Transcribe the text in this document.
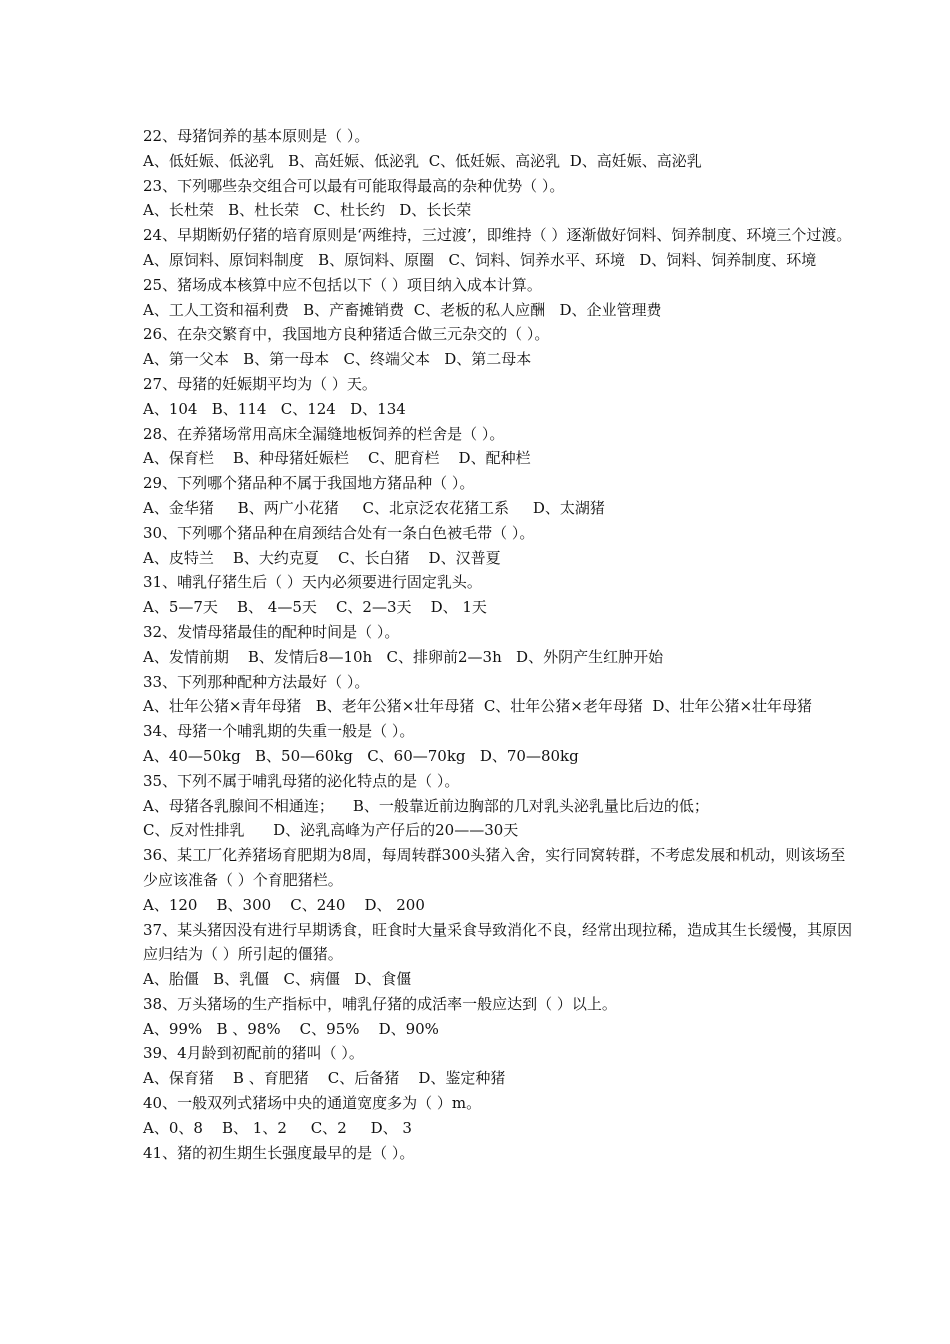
22、母猪饲养的基本原则是（ ）。
A、低妊娠、低泌乳   B、高妊娠、低泌乳  C、低妊娠、高泌乳  D、高妊娠、高泌乳
23、下列哪些杂交组合可以最有可能取得最高的杂种优势（ ）。
A、长杜荣   B、杜长荣   C、杜长约   D、长长荣
24、早期断奶仔猪的培育原则是‘两维持，三过渡’，即维持（ ）逐渐做好饲料、饲养制度、环境三个过渡。
A、原饲料、原饲料制度   B、原饲料、原圈   C、饲料、饲养水平、环境   D、饲料、饲养制度、环境
25、猪场成本核算中应不包括以下（ ）项目纳入成本计算。
A、工人工资和福利费   B、产畜摊销费  C、老板的私人应酬   D、企业管理费
26、在杂交繁育中，我国地方良种猪适合做三元杂交的（ ）。
A、第一父本   B、第一母本   C、终端父本   D、第二母本
27、母猪的妊娠期平均为（ ）天。
A、104   B、114   C、124   D、134
28、在养猪场常用高床全漏缝地板饲养的栏舍是（ ）。
A、保育栏    B、种母猪妊娠栏    C、肥育栏    D、配种栏
29、下列哪个猪品种不属于我国地方猪品种（ ）。
A、金华猪     B、两广小花猪     C、北京泛农花猪工系     D、太湖猪
30、下列哪个猪品种在肩颈结合处有一条白色被毛带（ ）。
A、皮特兰    B、大约克夏    C、长白猪    D、汉普夏
31、哺乳仔猪生后（ ）天内必须要进行固定乳头。
A、5—7天    B、 4—5天    C、2—3天    D、 1天
32、发情母猪最佳的配种时间是（ ）。
A、发情前期    B、发情后8—10h   C、排卵前2—3h   D、外阴产生红肿开始
33、下列那种配种方法最好（ ）。
A、壮年公猪×青年母猪   B、老年公猪×壮年母猪  C、壮年公猪×老年母猪  D、壮年公猪×壮年母猪
34、母猪一个哺乳期的失重一般是（ ）。
A、40—50kg   B、50—60kg   C、60—70kg   D、70—80kg
35、下列不属于哺乳母猪的泌化特点的是（ ）。
A、母猪各乳腺间不相通连；    B、一般靠近前边胸部的几对乳头泌乳量比后边的低；
C、反对性排乳      D、泌乳高峰为产仔后的20——30天
36、某工厂化养猪场育肥期为8周，每周转群300头猪入舍，实行同窝转群，不考虑发展和机动，则该场至少应该准备（ ）个育肥猪栏。
A、120    B、300    C、240    D、 200
37、某头猪因没有进行早期诱食，旺食时大量采食导致消化不良，经常出现拉稀，造成其生长缓慢，其原因应归结为（ ）所引起的僵猪。
A、胎僵   B、乳僵   C、病僵   D、食僵
38、万头猪场的生产指标中，哺乳仔猪的成活率一般应达到（ ）以上。
A、99%   B 、98%    C、95%    D、90%
39、4月龄到初配前的猪叫（ ）。
A、保育猪    B 、育肥猪    C、后备猪    D、鉴定种猪
40、一般双列式猪场中央的通道宽度多为（ ）m。
A、0、8    B、 1、2     C、2     D、 3
41、猪的初生期生长强度最早的是（ ）。
